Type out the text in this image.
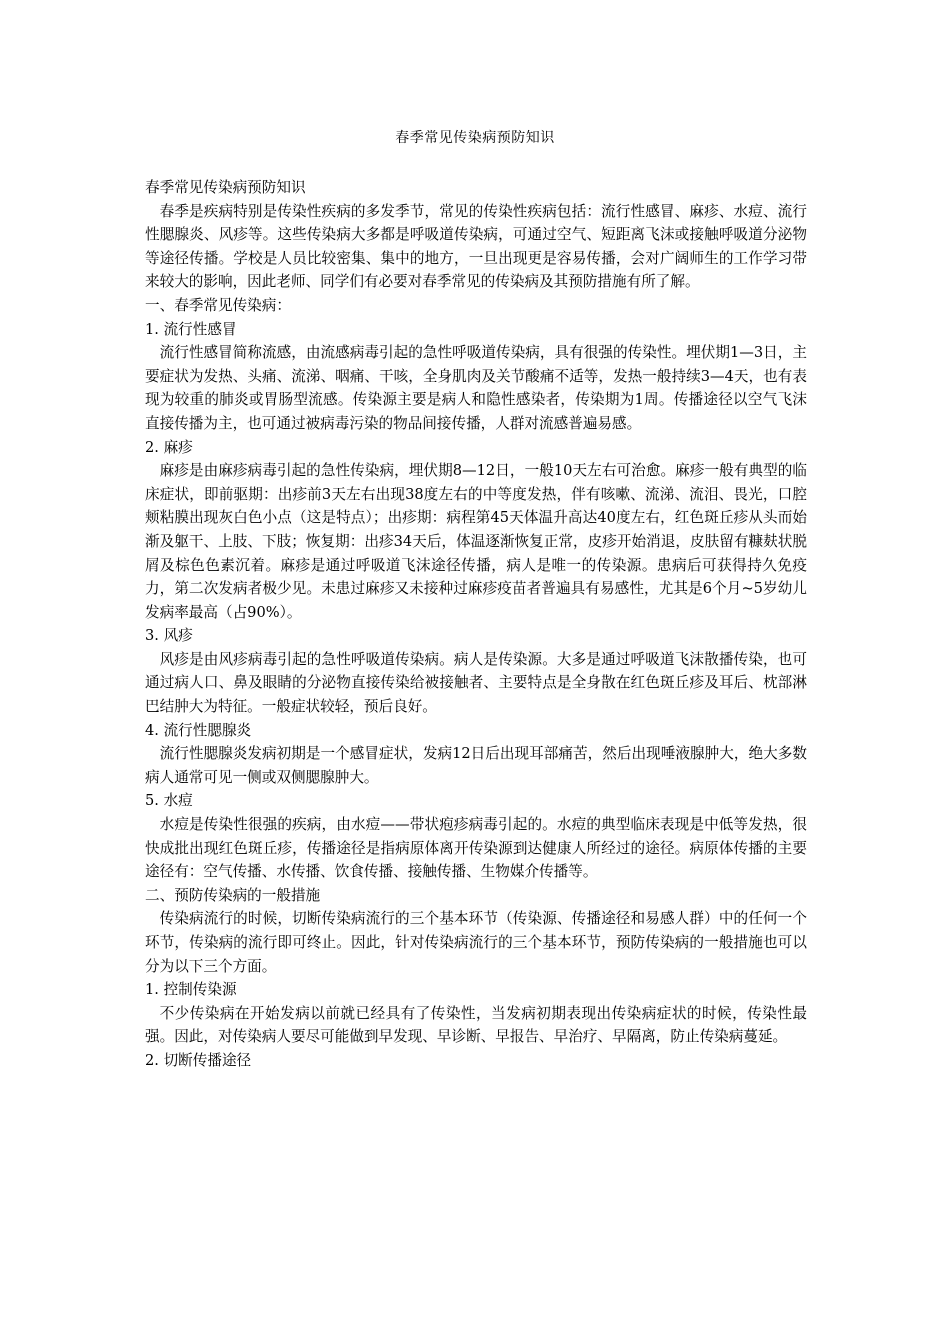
春季常见传染病预防知识

春季常见传染病预防知识

春季是疾病特别是传染性疾病的多发季节，常见的传染性疾病包括：流行性感冒、麻疹、水痘、流行性腮腺炎、风疹等。这些传染病大多都是呼吸道传染病，可通过空气、短距离飞沫或接触呼吸道分泌物等途径传播。学校是人员比较密集、集中的地方，一旦出现更是容易传播，会对广阔师生的工作学习带来较大的影响，因此老师、同学们有必要对春季常见的传染病及其预防措施有所了解。

一、春季常见传染病：

1. 流行性感冒

流行性感冒简称流感，由流感病毒引起的急性呼吸道传染病，具有很强的传染性。埋伏期1—3日，主要症状为发热、头痛、流涕、咽痛、干咳，全身肌肉及关节酸痛不适等，发热一般持续3—4天，也有表现为较重的肺炎或胃肠型流感。传染源主要是病人和隐性感染者，传染期为1周。传播途径以空气飞沫直接传播为主，也可通过被病毒污染的物品间接传播，人群对流感普遍易感。

2. 麻疹

麻疹是由麻疹病毒引起的急性传染病，埋伏期8—12日，一般10天左右可治愈。麻疹一般有典型的临床症状，即前驱期：出疹前3天左右出现38度左右的中等度发热，伴有咳嗽、流涕、流泪、畏光，口腔颊粘膜出现灰白色小点（这是特点）；出疹期：病程第45天体温升高达40度左右，红色斑丘疹从头而始渐及躯干、上肢、下肢；恢复期：出疹34天后，体温逐渐恢复正常，皮疹开始消退，皮肤留有糠麸状脱屑及棕色色素沉着。麻疹是通过呼吸道飞沫途径传播，病人是唯一的传染源。患病后可获得持久免疫力，第二次发病者极少见。未患过麻疹又未接种过麻疹疫苗者普遍具有易感性，尤其是6个月~5岁幼儿发病率最高（占90%）。

3. 风疹

风疹是由风疹病毒引起的急性呼吸道传染病。病人是传染源。大多是通过呼吸道飞沫散播传染，也可通过病人口、鼻及眼睛的分泌物直接传染给被接触者、主要特点是全身散在红色斑丘疹及耳后、枕部淋巴结肿大为特征。一般症状较轻，预后良好。

4. 流行性腮腺炎

流行性腮腺炎发病初期是一个感冒症状，发病12日后出现耳部痛苦，然后出现唾液腺肿大，绝大多数病人通常可见一侧或双侧腮腺肿大。

5. 水痘

水痘是传染性很强的疾病，由水痘——带状疱疹病毒引起的。水痘的典型临床表现是中低等发热，很快成批出现红色斑丘疹，传播途径是指病原体离开传染源到达健康人所经过的途径。病原体传播的主要途径有：空气传播、水传播、饮食传播、接触传播、生物媒介传播等。

二、预防传染病的一般措施

传染病流行的时候，切断传染病流行的三个基本环节（传染源、传播途径和易感人群）中的任何一个环节，传染病的流行即可终止。因此，针对传染病流行的三个基本环节，预防传染病的一般措施也可以分为以下三个方面。

1. 控制传染源

不少传染病在开始发病以前就已经具有了传染性，当发病初期表现出传染病症状的时候，传染性最强。因此，对传染病人要尽可能做到早发现、早诊断、早报告、早治疗、早隔离，防止传染病蔓延。

2. 切断传播途径
